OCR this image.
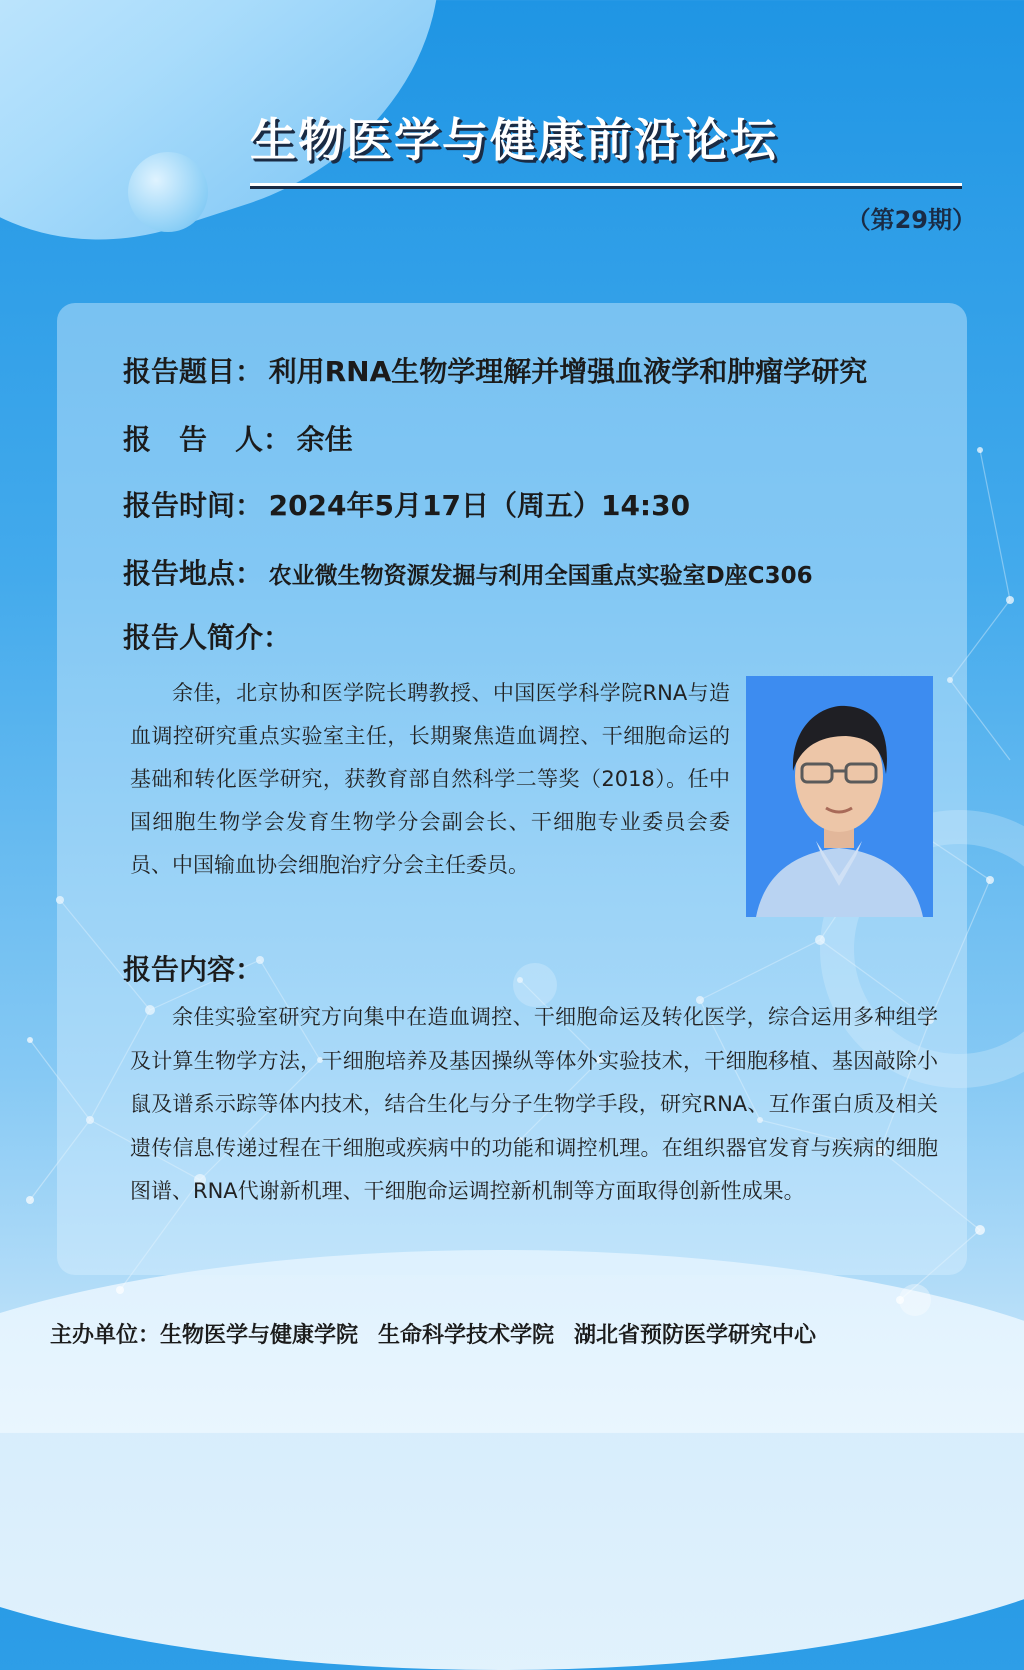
生物医学与健康前沿论坛
（第29期）
报告题目： 利用RNA生物学理解并增强血液学和肿瘤学研究
报　告　人： 余佳
报告时间： 2024年5月17日（周五）14:30
报告地点： 农业微生物资源发掘与利用全国重点实验室D座C306
报告人简介：

余佳，北京协和医学院长聘教授、中国医学科学院RNA与造血调控研究重点实验室主任，长期聚焦造血调控、干细胞命运的基础和转化医学研究，获教育部自然科学二等奖（2018）。任中国细胞生物学会发育生物学分会副会长、干细胞专业委员会委员、中国输血协会细胞治疗分会主任委员。

报告内容：

余佳实验室研究方向集中在造血调控、干细胞命运及转化医学，综合运用多种组学及计算生物学方法，干细胞培养及基因操纵等体外实验技术，干细胞移植、基因敲除小鼠及谱系示踪等体内技术，结合生化与分子生物学手段，研究RNA、互作蛋白质及相关遗传信息传递过程在干细胞或疾病中的功能和调控机理。在组织器官发育与疾病的细胞图谱、RNA代谢新机理、干细胞命运调控新机制等方面取得创新性成果。

主办单位：生物医学与健康学院 生命科学技术学院 湖北省预防医学研究中心
